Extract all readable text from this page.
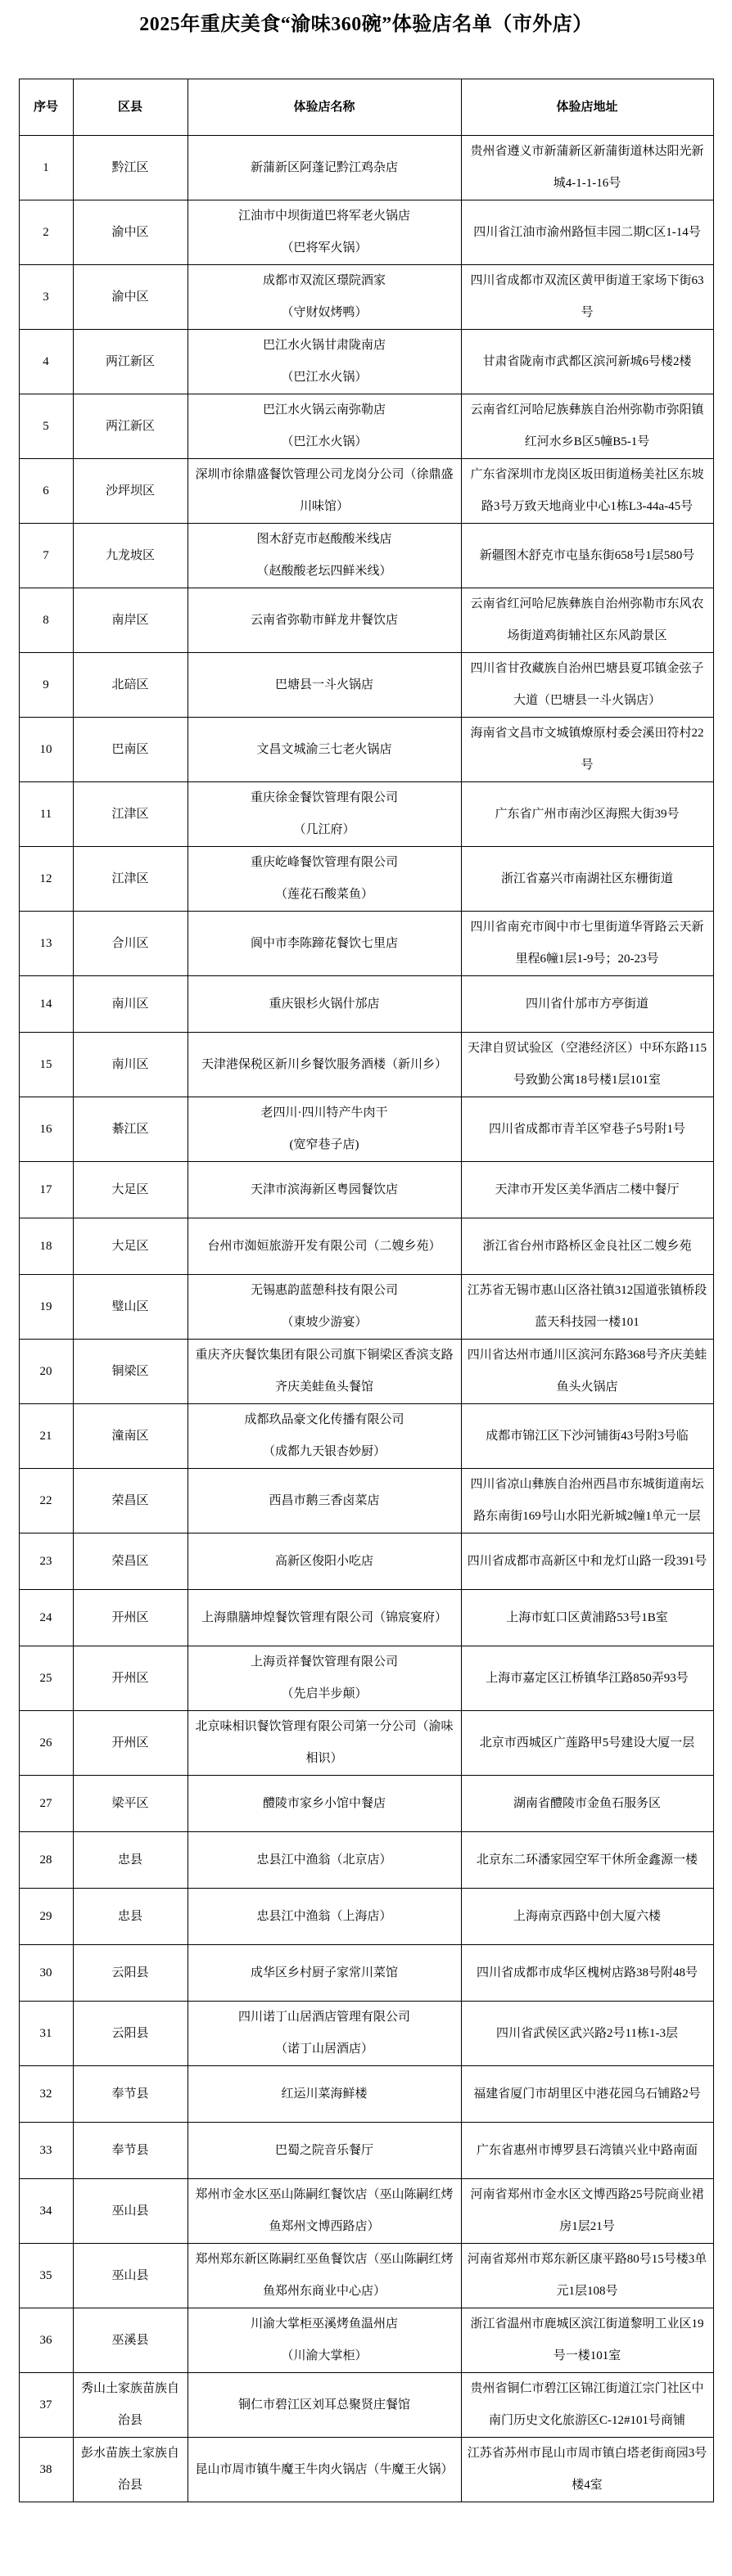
2025年重庆美食“渝味360碗”体验店名单（市外店）
序号	区县	体验店名称	体验店地址

1	黔江区	新蒲新区阿蓬记黔江鸡杂店	贵州省遵义市新蒲新区新蒲街道林达阳光新城4-1-1-16号

2	渝中区	江油市中坝街道巴将军老火锅店
（巴将军火锅）	四川省江油市渝州路恒丰园二期C区1-14号

3	渝中区	成都市双流区璟院酒家
（守财奴烤鸭）	四川省成都市双流区黄甲街道王家场下街63号

4	两江新区	巴江水火锅甘肃陇南店
（巴江水火锅）	甘肃省陇南市武都区滨河新城6号楼2楼

5	两江新区	巴江水火锅云南弥勒店
（巴江水火锅）	云南省红河哈尼族彝族自治州弥勒市弥阳镇红河水乡B区5幢B5-1号

6	沙坪坝区	深圳市徐鼎盛餐饮管理公司龙岗分公司（徐鼎盛川味馆）	广东省深圳市龙岗区坂田街道杨美社区东坡路3号万致天地商业中心1栋L3-44a-45号

7	九龙坡区	图木舒克市赵酸酸米线店
（赵酸酸老坛四鲜米线）	新疆图木舒克市屯垦东街658号1层580号

8	南岸区	云南省弥勒市鲜龙井餐饮店	云南省红河哈尼族彝族自治州弥勒市东风农场街道鸡街辅社区东风韵景区

9	北碚区	巴塘县一斗火锅店	四川省甘孜藏族自治州巴塘县夏邛镇金弦子大道（巴塘县一斗火锅店）

10	巴南区	文昌文城渝三七老火锅店	海南省文昌市文城镇燎原村委会溪田符村22号

11	江津区	重庆徐金餐饮管理有限公司
（几江府）	广东省广州市南沙区海熙大街39号

12	江津区	重庆屹峰餐饮管理有限公司
（莲花石酸菜鱼）	浙江省嘉兴市南湖社区东栅街道

13	合川区	阆中市李陈蹄花餐饮七里店	四川省南充市阆中市七里街道华胥路云天新里程6幢1层1-9号；20-23号

14	南川区	重庆银杉火锅什邡店	四川省什邡市方亭街道

15	南川区	天津港保税区新川乡餐饮服务酒楼（新川乡）	天津自贸试验区（空港经济区）中环东路115号致勤公寓18号楼1层101室

16	綦江区	老四川·四川特产牛肉干
(宽窄巷子店)	四川省成都市青羊区窄巷子5号附1号

17	大足区	天津市滨海新区粤园餐饮店	天津市开发区美华酒店二楼中餐厅

18	大足区	台州市洳姮旅游开发有限公司（二嫂乡苑）	浙江省台州市路桥区金良社区二嫂乡苑

19	璧山区	无锡惠韵蓝憩科技有限公司
（東坡少游宴）	江苏省无锡市惠山区洛社镇312国道张镇桥段蓝天科技园一楼101

20	铜梁区	重庆齐庆餐饮集团有限公司旗下铜梁区香滨支路齐庆美蛙鱼头餐馆	四川省达州市通川区滨河东路368号齐庆美蛙鱼头火锅店

21	潼南区	成都玖品豪文化传播有限公司
（成都九天银杏妙厨）	成都市锦江区下沙河铺街43号附3号临

22	荣昌区	西昌市鹅三香卤菜店	四川省凉山彝族自治州西昌市东城街道南坛路东南街169号山水阳光新城2幢1单元一层

23	荣昌区	高新区俊阳小吃店	四川省成都市高新区中和龙灯山路一段391号

24	开州区	上海鼎膳坤煌餐饮管理有限公司（锦宸宴府）	上海市虹口区黄浦路53号1B室

25	开州区	上海贡祥餐饮管理有限公司
（先启半步颠）	上海市嘉定区江桥镇华江路850弄93号

26	开州区	北京味相识餐饮管理有限公司第一分公司（渝味相识）	北京市西城区广莲路甲5号建设大厦一层

27	梁平区	醴陵市家乡小馆中餐店	湖南省醴陵市金鱼石服务区

28	忠县	忠县江中渔翁（北京店）	北京东二环潘家园空军干休所金鑫源一楼

29	忠县	忠县江中渔翁（上海店）	上海南京西路中创大厦六楼

30	云阳县	成华区乡村厨子家常川菜馆	四川省成都市成华区槐树店路38号附48号

31	云阳县	四川诺丁山居酒店管理有限公司
（诺丁山居酒店）	四川省武侯区武兴路2号11栋1-3层

32	奉节县	红运川菜海鲜楼	福建省厦门市胡里区中港花园乌石铺路2号

33	奉节县	巴蜀之院音乐餐厅	广东省惠州市博罗县石湾镇兴业中路南面

34	巫山县	郑州市金水区巫山陈嗣红餐饮店（巫山陈嗣红烤鱼郑州文博西路店）	河南省郑州市金水区文博西路25号院商业裙房1层21号

35	巫山县	郑州郑东新区陈嗣红巫鱼餐饮店（巫山陈嗣红烤鱼郑州东商业中心店）	河南省郑州市郑东新区康平路80号15号楼3单元1层108号

36	巫溪县	川渝大掌柜巫溪烤鱼温州店
（川渝大掌柜）	浙江省温州市鹿城区滨江街道黎明工业区19号一楼101室

37	秀山土家族苗族自治县	铜仁市碧江区刘耳总聚贤庄餐馆	贵州省铜仁市碧江区锦江街道江宗门社区中南门历史文化旅游区C-12#101号商铺

38	彭水苗族土家族自治县	昆山市周市镇牛魔王牛肉火锅店（牛魔王火锅）	江苏省苏州市昆山市周市镇白塔老街商园3号楼4室
